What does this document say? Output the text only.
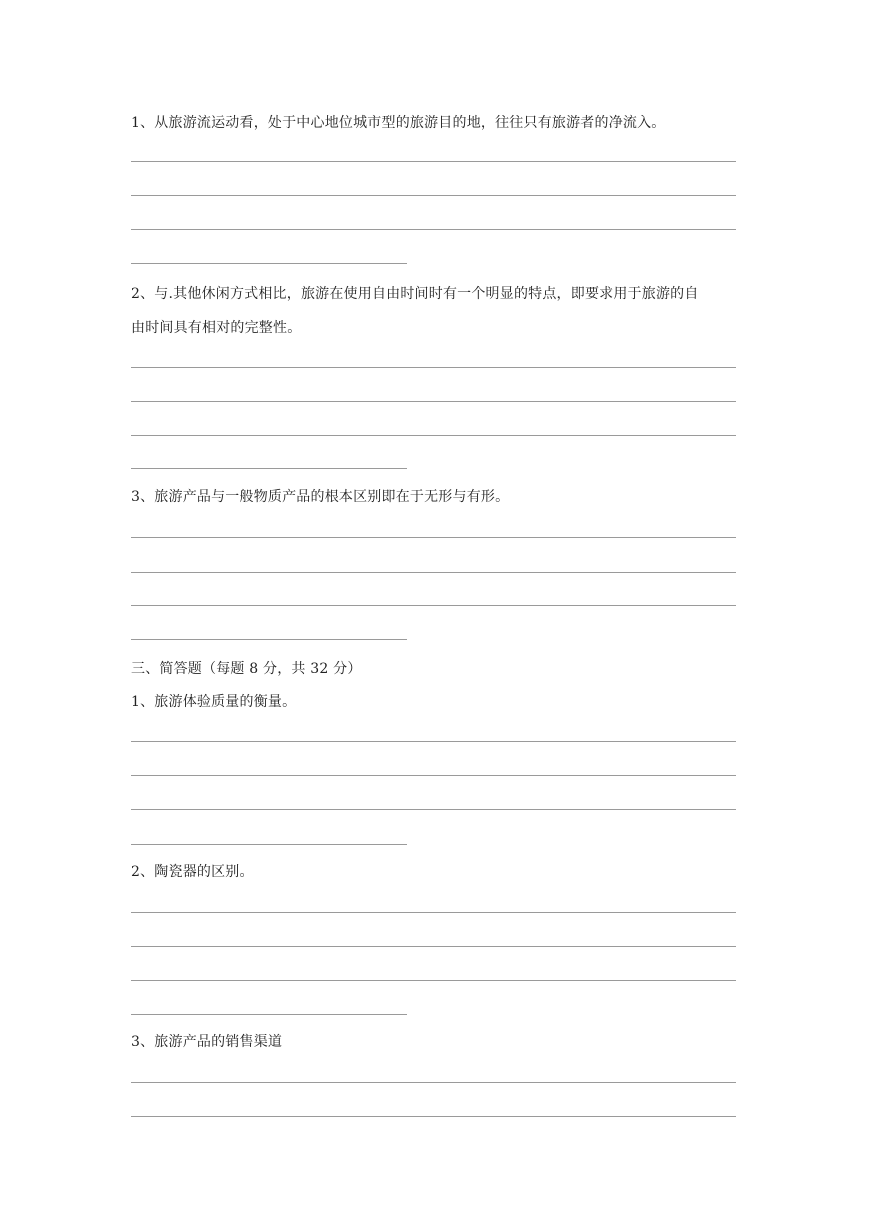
1、从旅游流运动看，处于中心地位城市型的旅游目的地，往往只有旅游者的净流入。
2、与.其他休闲方式相比，旅游在使用自由时间时有一个明显的特点，即要求用于旅游的自
由时间具有相对的完整性。
3、旅游产品与一般物质产品的根本区别即在于无形与有形。
三、简答题（每题 8 分，共 32 分）
1、旅游体验质量的衡量。
2、陶瓷器的区别。
3、旅游产品的销售渠道
